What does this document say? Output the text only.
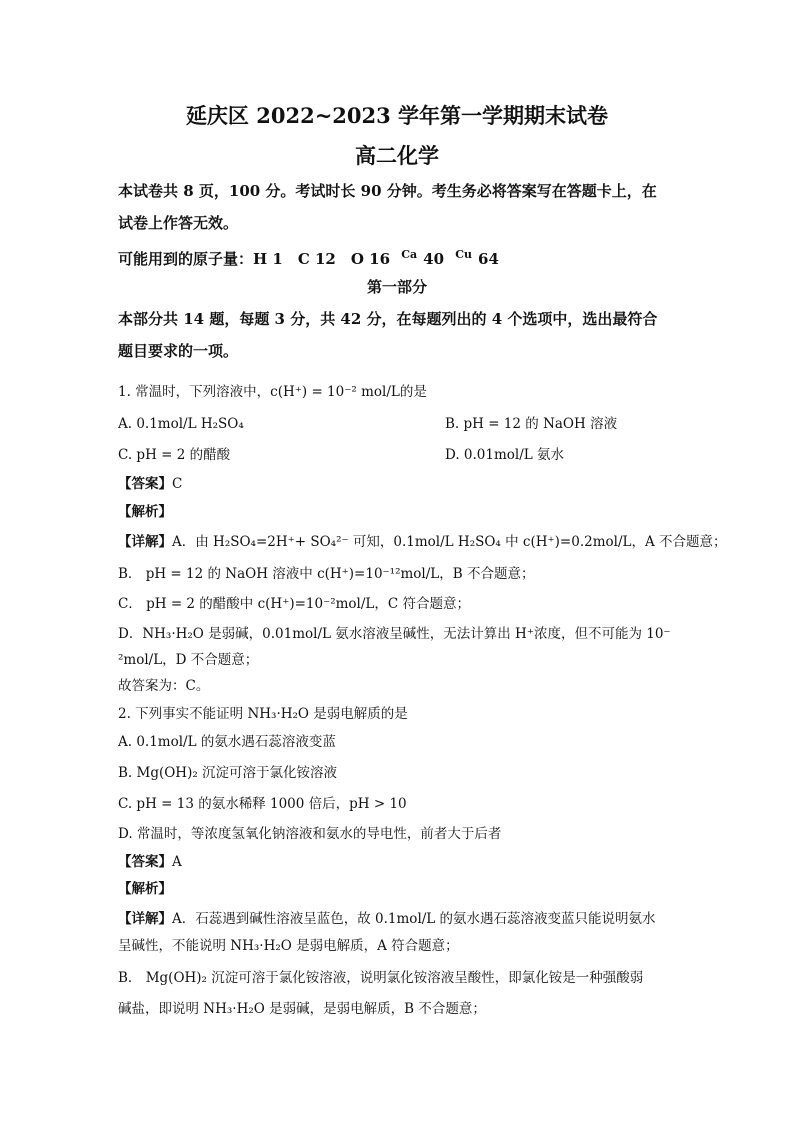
延庆区 2022~2023 学年第一学期期末试卷
高二化学
本试卷共 8 页，100 分。考试时长 90 分钟。考生务必将答案写在答题卡上，在
试卷上作答无效。
可能用到的原子量：H 1　C 12　O 16 $^{Ca}$ 40 $^{Cu}$ 64
第一部分
本部分共 14 题，每题 3 分，共 42 分，在每题列出的 4 个选项中，选出最符合
题目要求的一项。
1. 常温时，下列溶液中，c(H⁺) = 10⁻² mol/L的是
A. 0.1mol/L H₂SO₄	B. pH = 12 的 NaOH 溶液
C. pH = 2 的醋酸	D. 0.01mol/L 氨水
【答案】C
【解析】
【详解】A．由 H₂SO₄=2H⁺+ SO₄²⁻ 可知，0.1mol/L H₂SO₄ 中 c(H⁺)=0.2mol/L，A 不合题意；
B． pH = 12 的 NaOH 溶液中 c(H⁺)=10⁻¹²mol/L，B 不合题意；
C． pH = 2 的醋酸中 c(H⁺)=10⁻²mol/L，C 符合题意；
D．NH₃·H₂O 是弱碱，0.01mol/L 氨水溶液呈碱性，无法计算出 H⁺浓度，但不可能为 10⁻
²mol/L，D 不合题意；
故答案为：C。
2. 下列事实不能证明 NH₃·H₂O 是弱电解质的是
A. 0.1mol/L 的氨水遇石蕊溶液变蓝
B. Mg(OH)₂ 沉淀可溶于氯化铵溶液
C. pH = 13 的氨水稀释 1000 倍后，pH > 10
D. 常温时，等浓度氢氧化钠溶液和氨水的导电性，前者大于后者
【答案】A
【解析】
【详解】A．石蕊遇到碱性溶液呈蓝色，故 0.1mol/L 的氨水遇石蕊溶液变蓝只能说明氨水
呈碱性，不能说明 NH₃·H₂O 是弱电解质，A 符合题意；
B． Mg(OH)₂ 沉淀可溶于氯化铵溶液，说明氯化铵溶液呈酸性，即氯化铵是一种强酸弱
碱盐，即说明 NH₃·H₂O 是弱碱，是弱电解质，B 不合题意；
